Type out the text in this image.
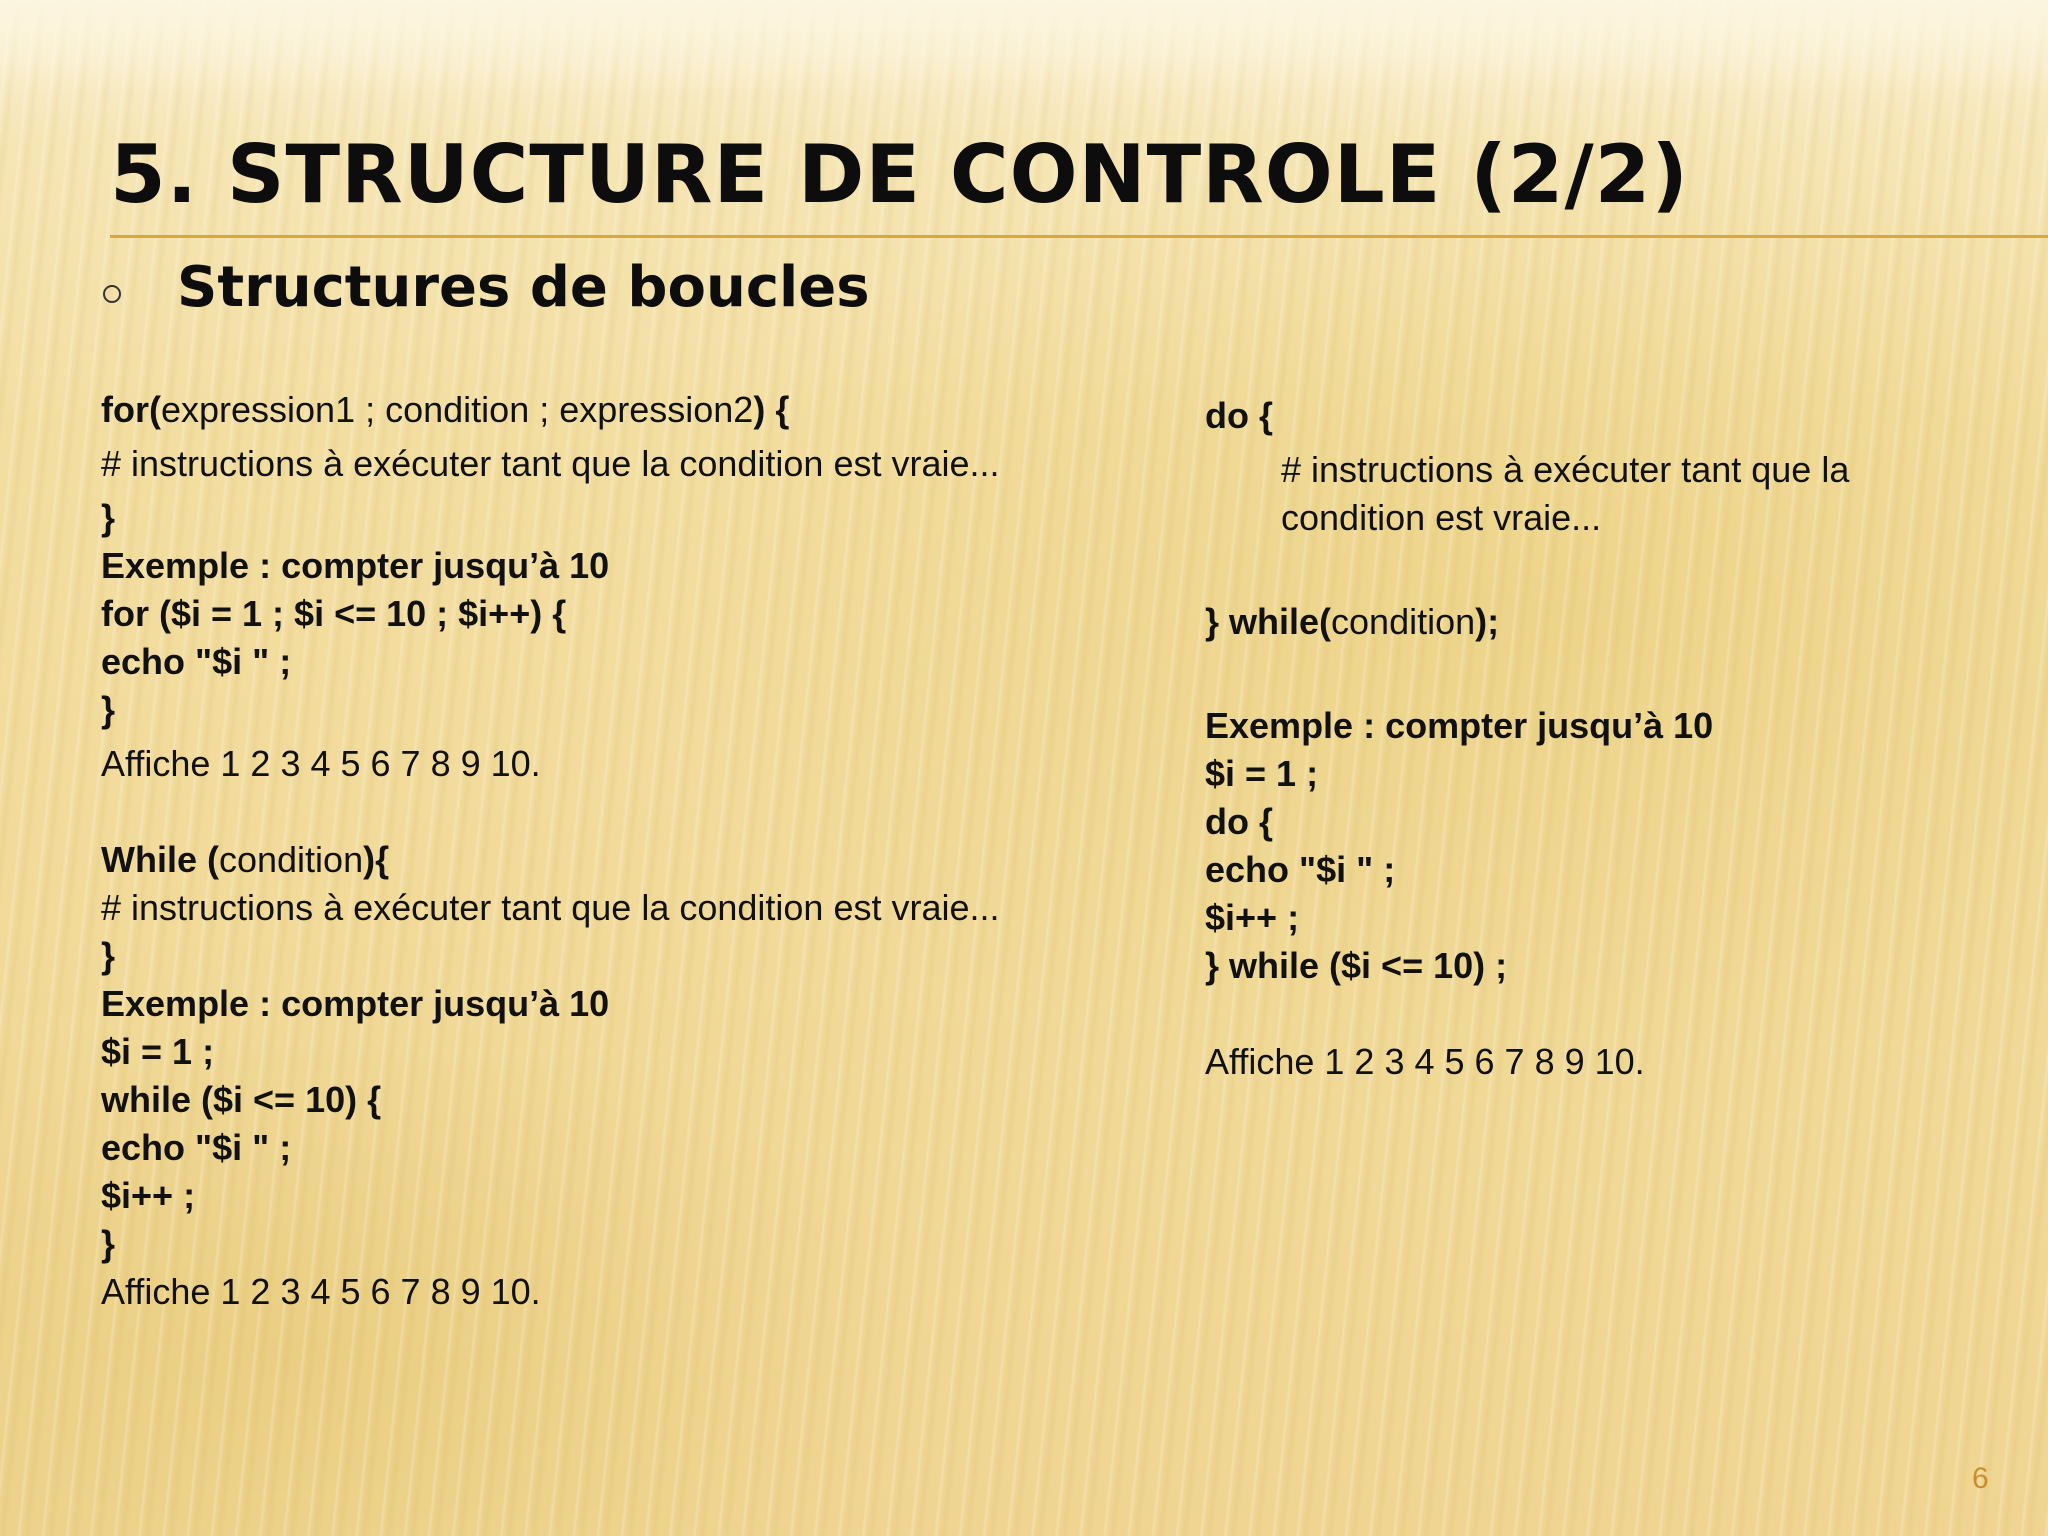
5. STRUCTURE DE CONTROLE (2/2)
Structures de boucles

for(expression1 ; condition ; expression2) {

# instructions à exécuter tant que la condition est vraie...

}

Exemple : compter jusqu’à 10

for ($i = 1 ; $i <= 10 ; $i++) {

echo "$i " ;

}

Affiche 1 2 3 4 5 6 7 8 9 10.

While (condition){

# instructions à exécuter tant que la condition est vraie...

}

Exemple : compter jusqu’à 10

$i = 1 ;

while ($i <= 10) {

echo "$i " ;

$i++ ;

}

Affiche 1 2 3 4 5 6 7 8 9 10.

do {

# instructions à exécuter tant que la condition est vraie...

} while(condition);

Exemple : compter jusqu’à 10

$i = 1 ;

do {

echo "$i " ;

$i++ ;

} while ($i <= 10) ;

Affiche 1 2 3 4 5 6 7 8 9 10.

6
